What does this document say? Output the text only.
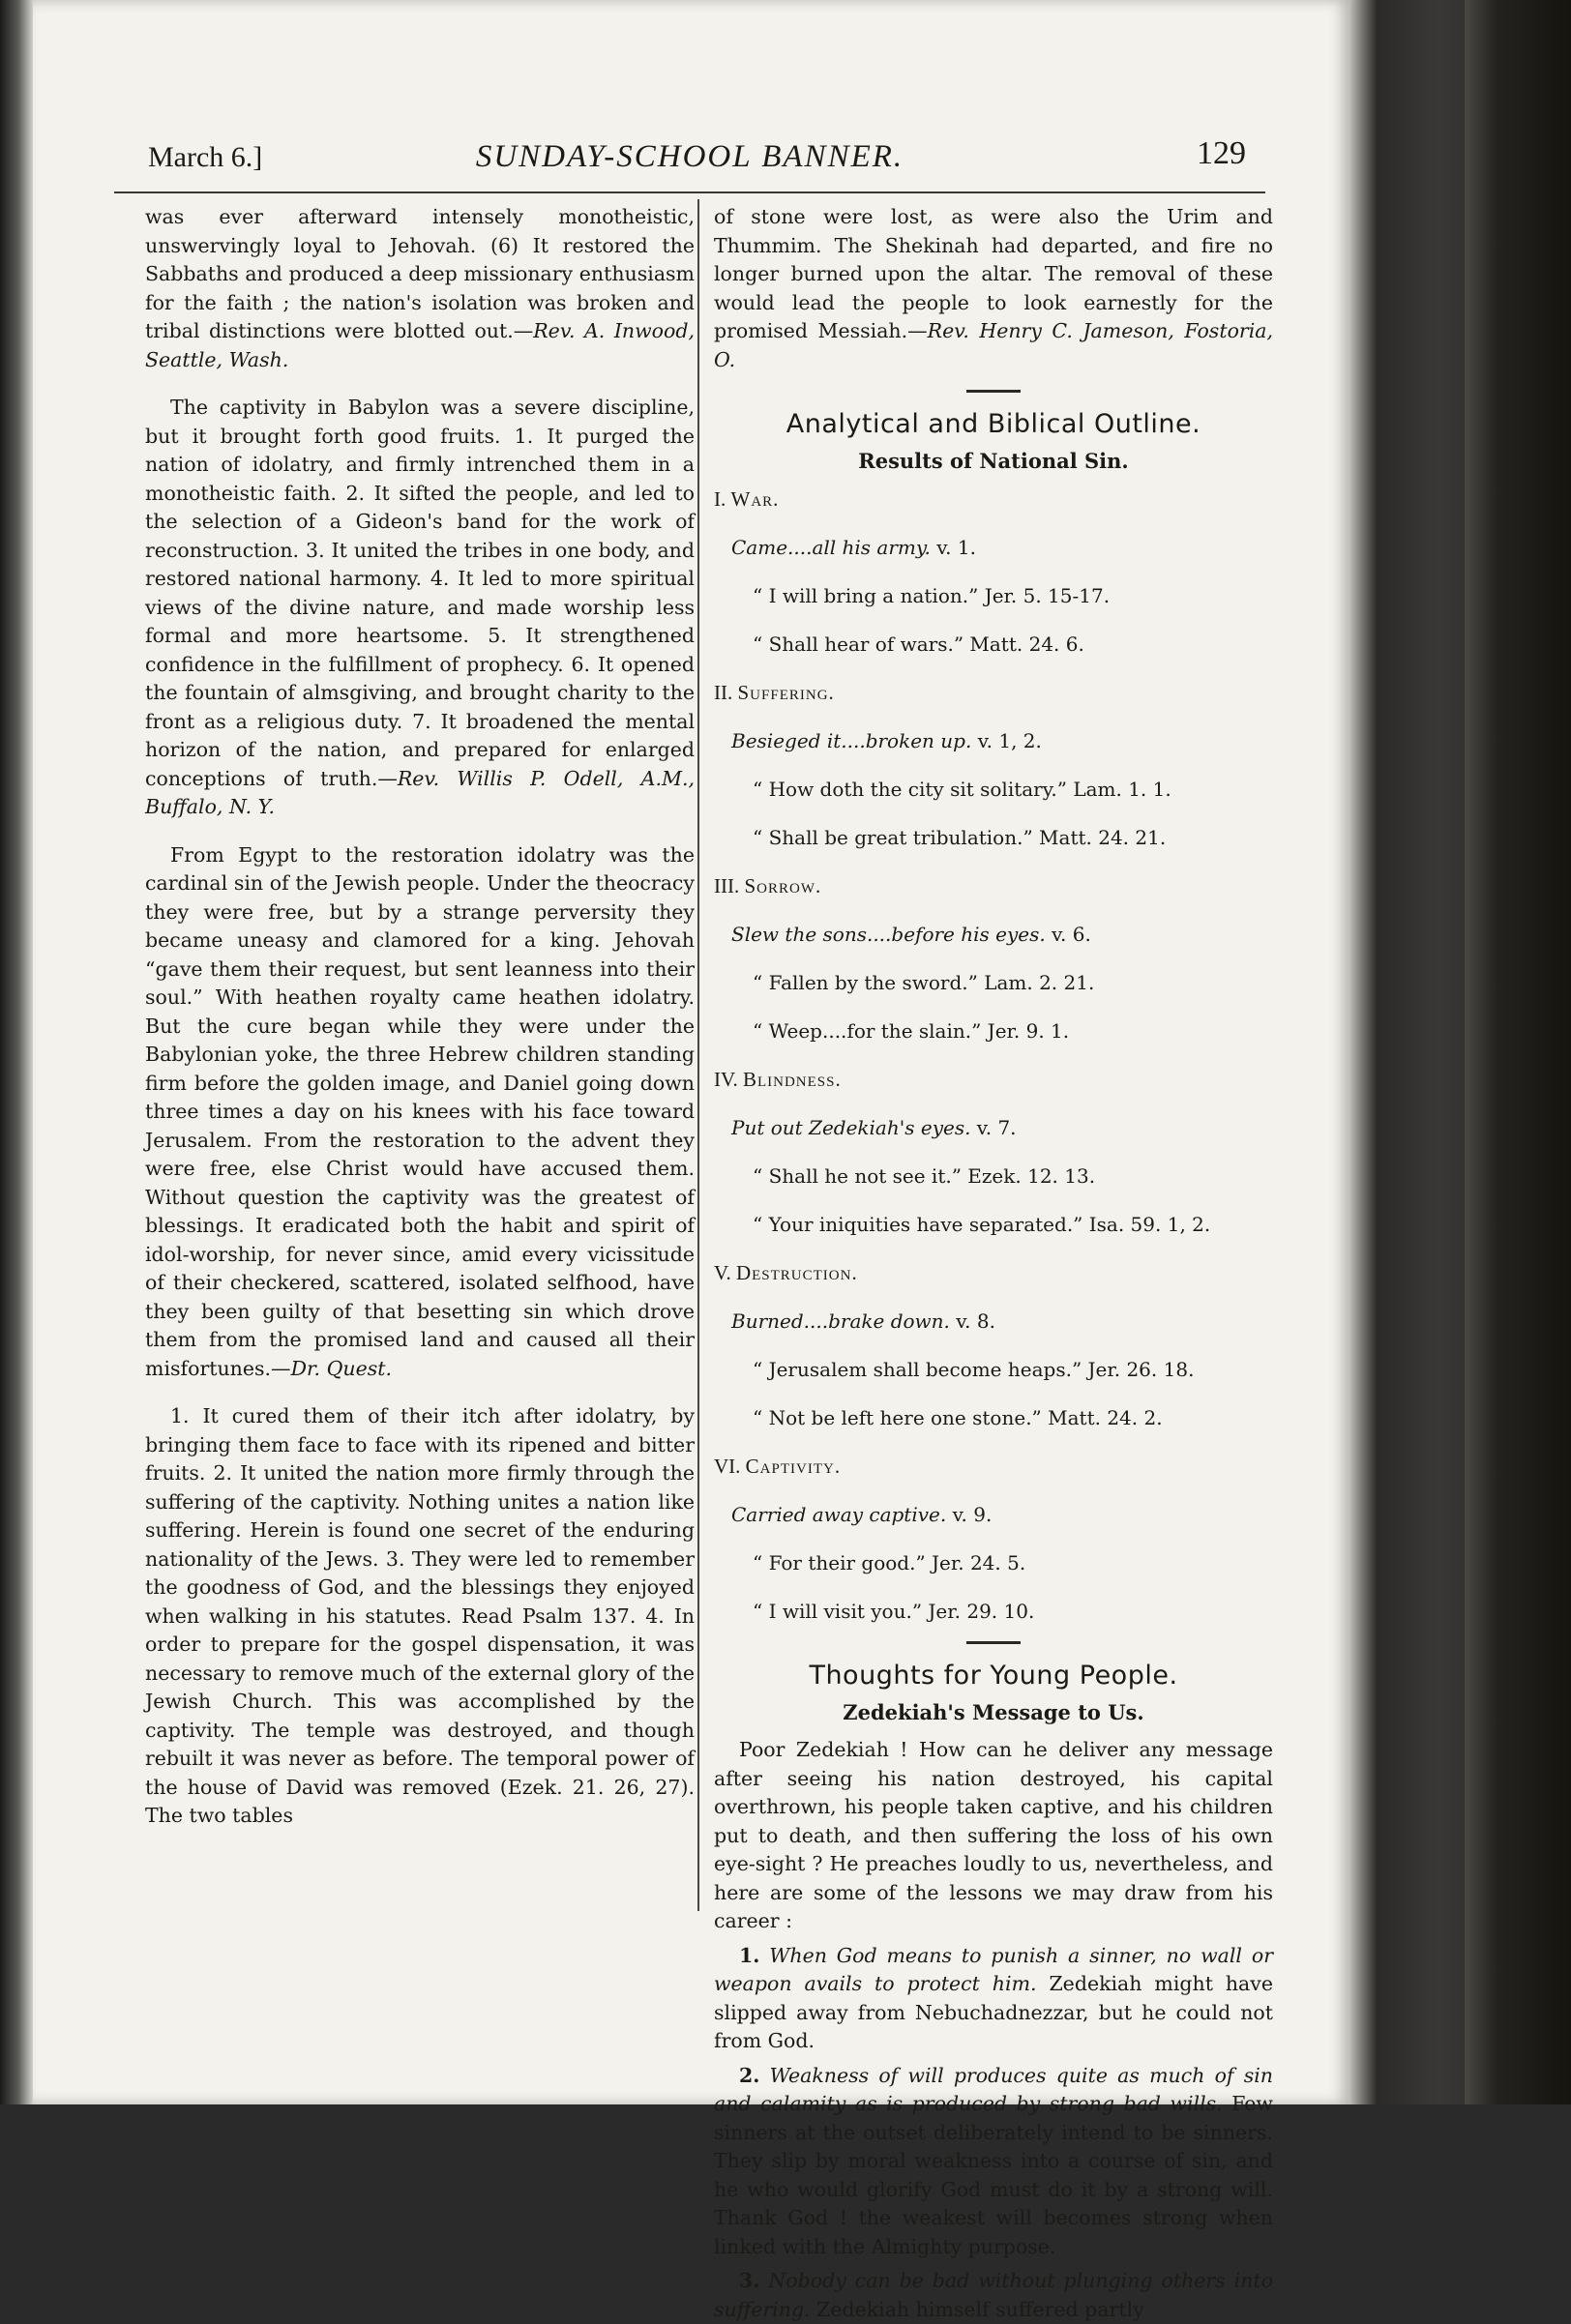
March 6.]	SUNDAY-SCHOOL BANNER.	129

was ever afterward intensely monotheistic, unswervingly loyal to Jehovah. (6) It restored the Sabbaths and produced a deep missionary enthusiasm for the faith ; the nation's isolation was broken and tribal distinctions were blotted out.—Rev. A. Inwood, Seattle, Wash.

The captivity in Babylon was a severe discipline, but it brought forth good fruits. 1. It purged the nation of idolatry, and firmly intrenched them in a monotheistic faith. 2. It sifted the people, and led to the selection of a Gideon's band for the work of reconstruction. 3. It united the tribes in one body, and restored national harmony. 4. It led to more spiritual views of the divine nature, and made worship less formal and more heartsome. 5. It strengthened confidence in the fulfillment of prophecy. 6. It opened the fountain of almsgiving, and brought charity to the front as a religious duty. 7. It broadened the mental horizon of the nation, and prepared for enlarged conceptions of truth.—Rev. Willis P. Odell, A.M., Buffalo, N. Y.

From Egypt to the restoration idolatry was the cardinal sin of the Jewish people. Under the theocracy they were free, but by a strange perversity they became uneasy and clamored for a king. Jehovah “gave them their request, but sent leanness into their soul.” With heathen royalty came heathen idolatry. But the cure began while they were under the Babylonian yoke, the three Hebrew children standing firm before the golden image, and Daniel going down three times a day on his knees with his face toward Jerusalem. From the restoration to the advent they were free, else Christ would have accused them. Without question the captivity was the greatest of blessings. It eradicated both the habit and spirit of idol-worship, for never since, amid every vicissitude of their checkered, scattered, isolated selfhood, have they been guilty of that besetting sin which drove them from the promised land and caused all their misfortunes.—Dr. Quest.

1. It cured them of their itch after idolatry, by bringing them face to face with its ripened and bitter fruits. 2. It united the nation more firmly through the suffering of the captivity. Nothing unites a nation like suffering. Herein is found one secret of the enduring nationality of the Jews. 3. They were led to remember the goodness of God, and the blessings they enjoyed when walking in his statutes. Read Psalm 137. 4. In order to prepare for the gospel dispensation, it was necessary to remove much of the external glory of the Jewish Church. This was accomplished by the captivity. The temple was destroyed, and though rebuilt it was never as before. The temporal power of the house of David was removed (Ezek. 21. 26, 27). The two tables

of stone were lost, as were also the Urim and Thummim. The Shekinah had departed, and fire no longer burned upon the altar. The removal of these would lead the people to look earnestly for the promised Messiah.—Rev. Henry C. Jameson, Fostoria, O.

Analytical and Biblical Outline.
Results of National Sin.

I. War.

Came....all his army. v. 1.

“ I will bring a nation.” Jer. 5. 15-17.

“ Shall hear of wars.” Matt. 24. 6.

II. Suffering.

Besieged it....broken up. v. 1, 2.

“ How doth the city sit solitary.” Lam. 1. 1.

“ Shall be great tribulation.” Matt. 24. 21.

III. Sorrow.

Slew the sons....before his eyes. v. 6.

“ Fallen by the sword.” Lam. 2. 21.

“ Weep....for the slain.” Jer. 9. 1.

IV. Blindness.

Put out Zedekiah's eyes. v. 7.

“ Shall he not see it.” Ezek. 12. 13.

“ Your iniquities have separated.” Isa. 59. 1, 2.

V. Destruction.

Burned....brake down. v. 8.

“ Jerusalem shall become heaps.” Jer. 26. 18.

“ Not be left here one stone.” Matt. 24. 2.

VI. Captivity.

Carried away captive. v. 9.

“ For their good.” Jer. 24. 5.

“ I will visit you.” Jer. 29. 10.

Thoughts for Young People.
Zedekiah's Message to Us.

Poor Zedekiah ! How can he deliver any message after seeing his nation destroyed, his capital overthrown, his people taken captive, and his children put to death, and then suffering the loss of his own eye-sight ? He preaches loudly to us, nevertheless, and here are some of the lessons we may draw from his career :

1. When God means to punish a sinner, no wall or weapon avails to protect him. Zedekiah might have slipped away from Nebuchadnezzar, but he could not from God.

2. Weakness of will produces quite as much of sin and calamity as is produced by strong bad wills. Few sinners at the outset deliberately intend to be sinners. They slip by moral weakness into a course of sin, and he who would glorify God must do it by a strong will. Thank God ! the weakest will becomes strong when linked with the Almighty purpose.

3. Nobody can be bad without plunging others into suffering. Zedekiah himself suffered partly
